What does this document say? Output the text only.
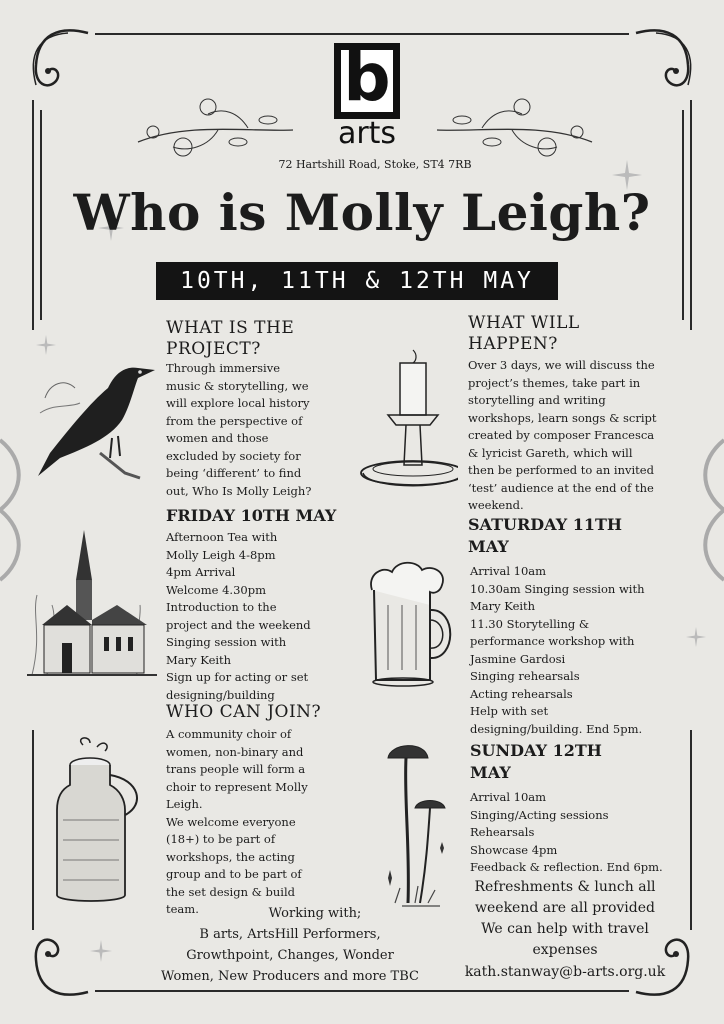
b
arts
72 Hartshill Road, Stoke, ST4 7RB
Who is Molly Leigh?
10TH, 11TH & 12TH MAY
WHAT IS THE
PROJECT?
Through immersive
music & storytelling, we
will explore local history
from the perspective of
women and those
excluded by society for
being ‘different’ to find
out, Who Is Molly Leigh?
FRIDAY 10TH MAY
Afternoon Tea with
Molly Leigh 4-8pm
4pm Arrival
Welcome 4.30pm
Introduction to the
project and the weekend
Singing session with
Mary Keith
Sign up for acting or set
designing/building
WHO CAN JOIN?
A community choir of
women, non-binary and
trans people will form a
choir to represent Molly
Leigh.
We welcome everyone
(18+) to be part of
workshops, the acting
group and to be part of
the set design & build
team.
WHAT WILL
HAPPEN?
Over 3 days, we will discuss the
project’s themes, take part in
storytelling and writing
workshops, learn songs & script
created by composer Francesca
& lyricist Gareth, which will
then be performed to an invited
‘test’ audience at the end of the
weekend.
SATURDAY 11TH
MAY
Arrival 10am
10.30am Singing session with
Mary Keith
11.30 Storytelling &
performance workshop with
Jasmine Gardosi
Singing rehearsals
Acting rehearsals
Help with set
designing/building. End 5pm.
SUNDAY 12TH
MAY
Arrival 10am
Singing/Acting sessions
Rehearsals
Showcase 4pm
Feedback & reflection. End 6pm.
Refreshments & lunch all
weekend are all provided
We can help with travel
expenses
kath.stanway@b-arts.org.uk
Working with;
B arts, ArtsHill Performers,
Growthpoint, Changes, Wonder
Women, New Producers and more TBC
